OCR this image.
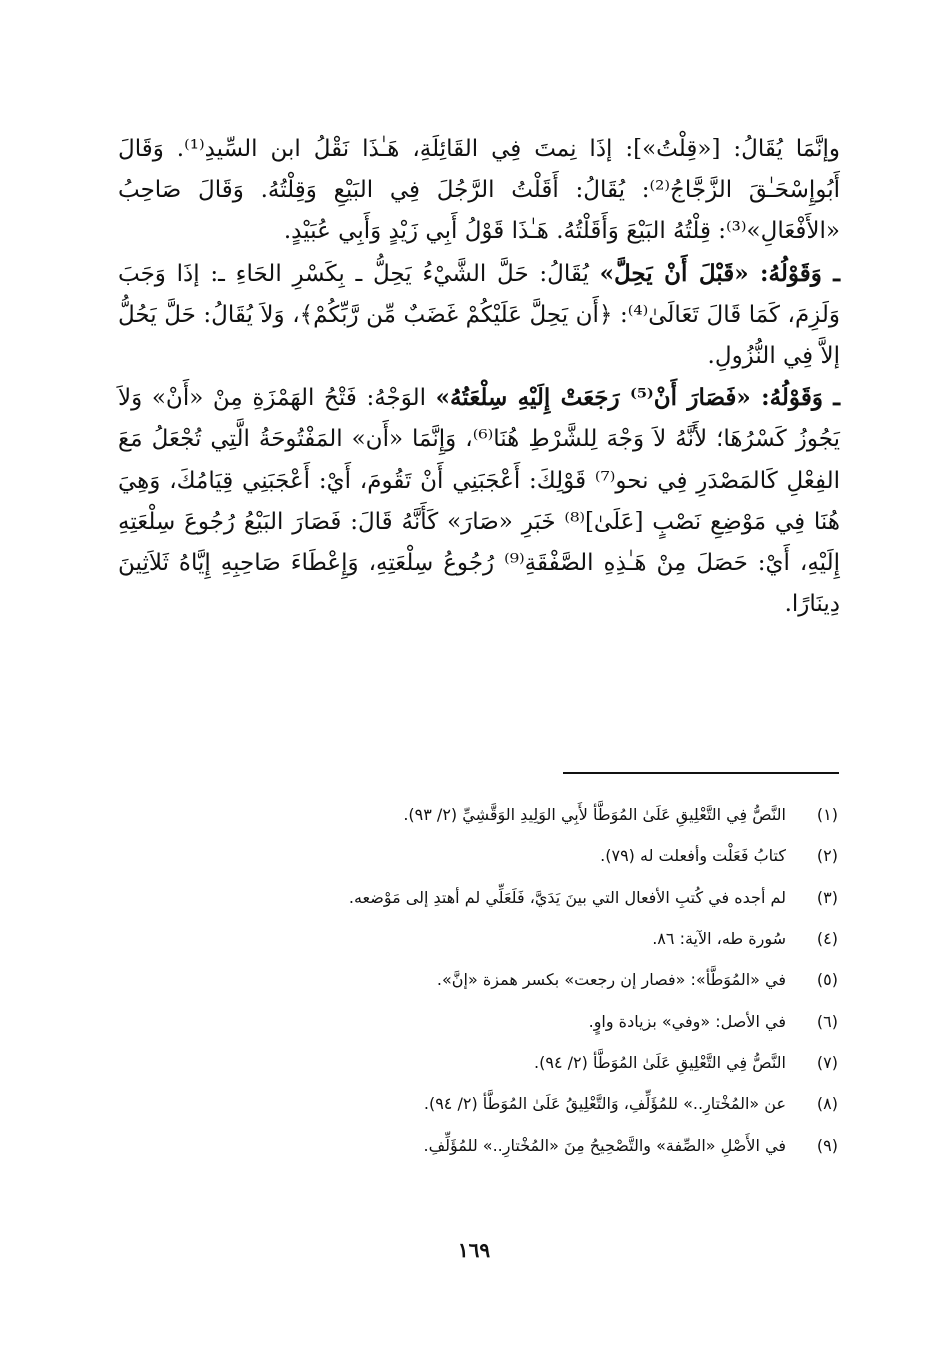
وإنَّمَا يُقَالُ: [«قِلْتُ»]: إذَا نِمتَ فِي القَائِلَةِ، هَـٰذَا نَقْلُ ابن السِّيدِ⁽¹⁾. وَقَالَ أَبُوإِسْحَـٰقَ الزَّجَّاجُ⁽²⁾: يُقَالُ: أَقَلْتُ الرَّجُلَ فِي البَيْعِ وَقِلْتُهُ. وَقَالَ صَاحِبُ «الأَفْعَالِ»⁽³⁾: قِلْتُهُ البَيْعَ وَأَقَلْتُهُ. هَـٰذَا قَوْلُ أَبِي زَيْدٍ وَأَبِي عُبَيْدٍ.

ـ وَقَوْلُهُ: «قَبْلَ أَنْ يَحِلَّ» يُقَالُ: حَلَّ الشَّيْءُ يَحِلُّ ـ بِكَسْرِ الحَاءِ ـ: إذَا وَجَبَ وَلَزِمَ، كَمَا قَالَ تَعَالَىٰ⁽⁴⁾: ﴿أَن يَحِلَّ عَلَيْكُمْ غَضَبٌ مِّن رَّبِّكُمْ﴾، وَلاَ يُقَالُ: حَلَّ يَحُلُّ إلاَّ فِي النُّزُولِ.

ـ وَقَوْلُهُ: «فَصَارَ أَنْ⁽⁵⁾ رَجَعَتْ إِلَيْهِ سِلْعَتُهُ» الوَجْهُ: فَتْحُ الهَمْزَةِ مِنْ «أَنْ» وَلاَ يَجُوزُ كَسْرُهَا؛ لأَنَّهُ لاَ وَجْهَ لِلشَّرْطِ هُنَا⁽⁶⁾، وَإِنَّمَا «أَن» المَفْتُوحَةُ الَّتِي تُجْعَلُ مَعَ الفِعْلِ كَالمَصْدَرِ فِي نحو⁽⁷⁾ قَوْلِكَ: أَعْجَبَنِي أَنْ تَقُومَ، أَيْ: أَعْجَبَنِي قِيَامُكَ، وَهِيَ هُنَا فِي مَوْضِعِ نَصْبٍ [عَلَىٰ]⁽⁸⁾ خَبَرِ «صَارَ» كَأَنَّهُ قَالَ: فَصَارَ البَيْعُ رُجُوعَ سِلْعَتِهِ إِلَيْهِ، أَيْ: حَصَلَ مِنْ هَـٰذِهِ الصَّفْقَةِ⁽⁹⁾ رُجُوعُ سِلْعَتِهِ، وَإِعْطَاءَ صَاحِبِهِ إِيَّاهُ ثَلاَثِينَ دِينَارًا.

(١)
النَّصُّ فِي التَّعْلِيقِ عَلَىٰ المُوَطَّأ لأَبِي الوَلِيدِ الوَقَّشِيِّ (٢/ ٩٣).
(٢)
كتابُ فَعَلْت وأفعلت له (٧٩).
(٣)
لم أجده في كُتبِ الأفعال التي بينَ يَدَيَّ، فَلَعَلِّي لم أهتدِ إلى مَوْضعه.
(٤)
سُورة طه، الآية: ٨٦.
(٥)
في «المُوَطَّأ»: «فصار إن رجعت» بكسر همزة «إنَّ».
(٦)
في الأصل: «وفي» بزيادة واوٍ.
(٧)
النَّصُّ فِي التَّعْلِيقِ عَلَىٰ المُوَطَّأ (٢/ ٩٤).
(٨)
عن «المُخْتارِ..» للمُؤَلِّفِ، وَالتَّعْلِيقُ عَلَىٰ المُوَطَّأ (٢/ ٩٤).
(٩)
في الأَصْلِ «الصِّفة» والتَّصْحِيحُ مِنَ «المُخْتارِ..» للمُؤَلِّفِ.
١٦٩
